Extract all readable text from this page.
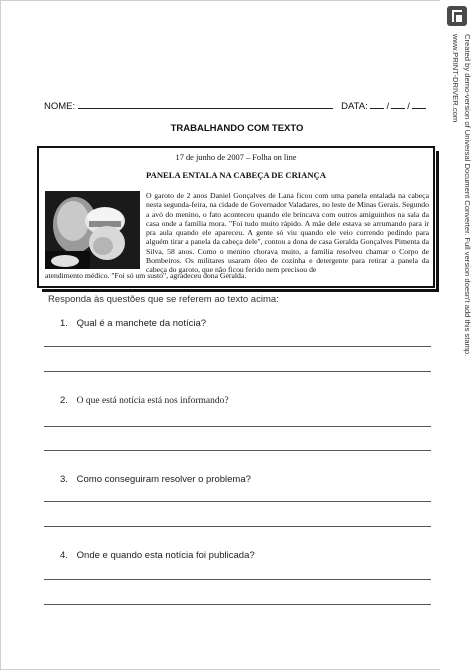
Created by demo-version of Universal Document Converter. Full version doesn't add this stamp.
www.PRINT-DRIVER.com
NOME:	DATA:
/ /
TRABALHANDO COM TEXTO
17 de junho de 2007 – Folha on line
PANELA ENTALA NA CABEÇA DE CRIANÇA
O garoto de 2 anos Daniel Gonçalves de Lana ficou com uma panela entalada na cabeça nesta segunda-feira, na cidade de Governador Valadares, no leste de Minas Gerais. Segundo a avó do menino, o fato aconteceu quando ele brincava com outros amiguinhos na sala da casa onde a família mora. "Foi tudo muito rápido. A mãe dele estava se arrumando para ir pra aula quando ele apareceu. A gente só viu quando ele veio correndo pedindo para alguém tirar a panela da cabeça dele", contou a dona de casa Geralda Gonçalves Pimenta da Silva, 58 anos. Como o menino chorava muito, a família resolveu chamar o Corpo de Bombeiros. Os militares usaram óleo de cozinha e detergente para retirar a panela da cabeça do garoto, que não ficou ferido nem precisou de
atendimento médico. "Foi só um susto", agradeceu dona Geralda.
Responda às questões que se referem ao texto acima:
1. Qual é a manchete da notícia?
2. O que está notícia está nos informando?
3. Como conseguiram resolver o problema?
4. Onde e quando esta notícia foi publicada?
